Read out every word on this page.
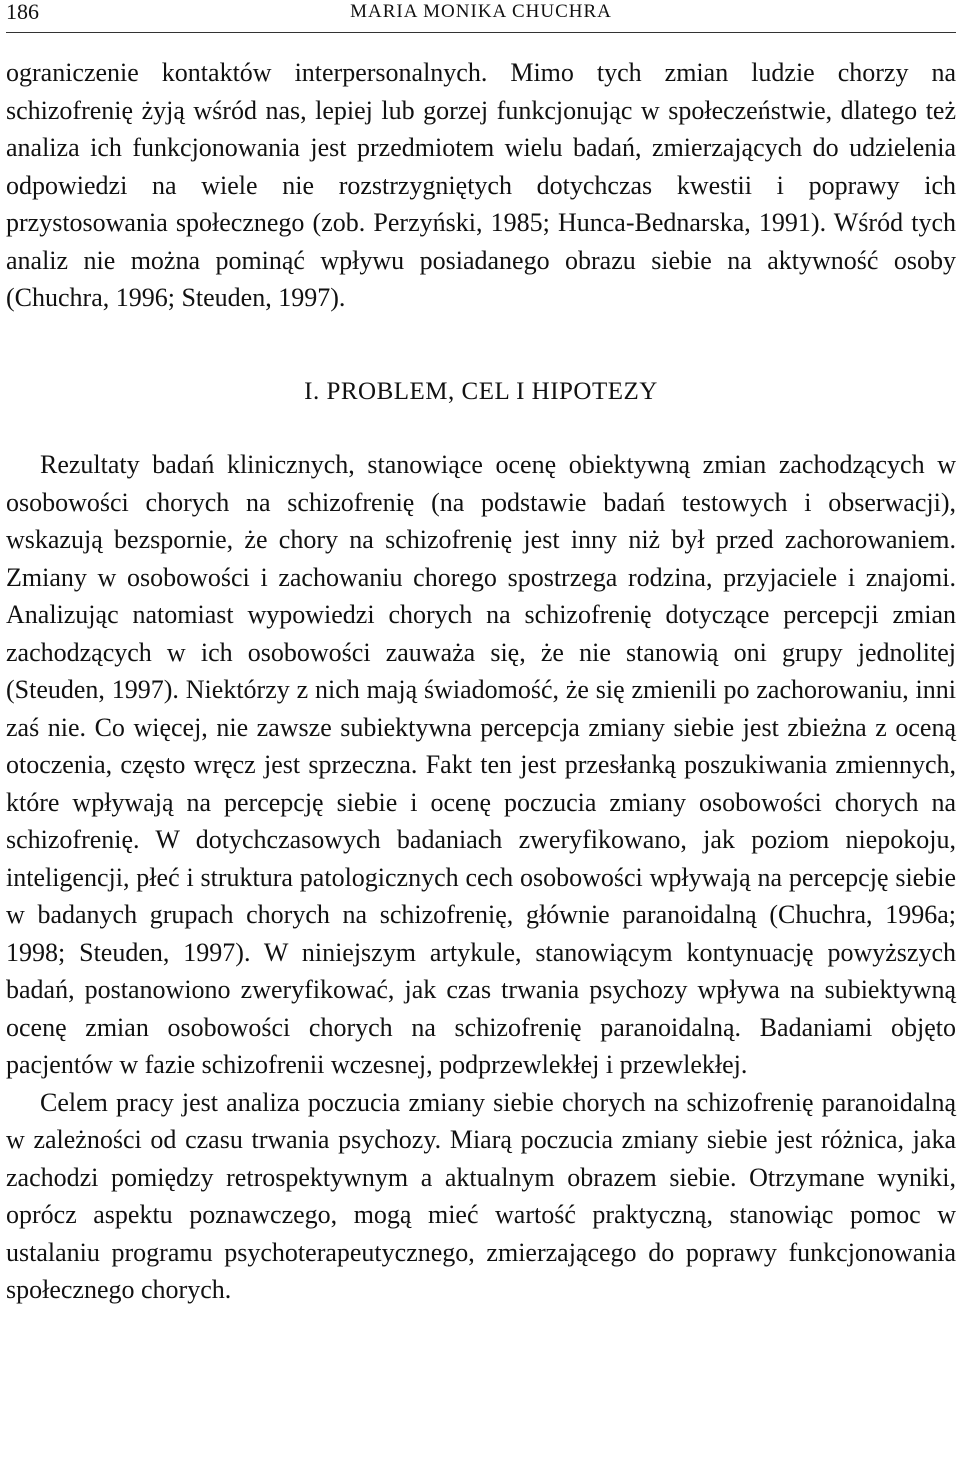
186	MARIA MONIKA CHUCHRA

ograniczenie kontaktów interpersonalnych. Mimo tych zmian ludzie chorzy na schizofrenię żyją wśród nas, lepiej lub gorzej funkcjonując w społeczeństwie, dlatego też analiza ich funkcjonowania jest przedmiotem wielu badań, zmierzających do udzielenia odpowiedzi na wiele nie rozstrzygniętych dotychczas kwestii i poprawy ich przystosowania społecznego (zob. Perzyński, 1985; Hunca-Bednarska, 1991). Wśród tych analiz nie można pominąć wpływu posiadanego obrazu siebie na aktywność osoby (Chuchra, 1996; Steuden, 1997).

I. PROBLEM, CEL I HIPOTEZY

Rezultaty badań klinicznych, stanowiące ocenę obiektywną zmian zachodzących w osobowości chorych na schizofrenię (na podstawie badań testowych i obserwacji), wskazują bezspornie, że chory na schizofrenię jest inny niż był przed zachorowaniem. Zmiany w osobowości i zachowaniu chorego spostrzega rodzina, przyjaciele i znajomi. Analizując natomiast wypowiedzi chorych na schizofrenię dotyczące percepcji zmian zachodzących w ich osobowości zauważa się, że nie stanowią oni grupy jednolitej (Steuden, 1997). Niektórzy z nich mają świadomość, że się zmienili po zachorowaniu, inni zaś nie. Co więcej, nie zawsze subiektywna percepcja zmiany siebie jest zbieżna z oceną otoczenia, często wręcz jest sprzeczna. Fakt ten jest przesłanką poszukiwania zmiennych, które wpływają na percepcję siebie i ocenę poczucia zmiany osobowości chorych na schizofrenię. W dotychczasowych badaniach zweryfikowano, jak poziom niepokoju, inteligencji, płeć i struktura patologicznych cech osobowości wpływają na percepcję siebie w badanych grupach chorych na schizofrenię, głównie paranoidalną (Chuchra, 1996a; 1998; Steuden, 1997). W niniejszym artykule, stanowiącym kontynuację powyższych badań, postanowiono zweryfikować, jak czas trwania psychozy wpływa na subiektywną ocenę zmian osobowości chorych na schizofrenię paranoidalną. Badaniami objęto pacjentów w fazie schizofrenii wczesnej, podprzewlekłej i przewlekłej.

Celem pracy jest analiza poczucia zmiany siebie chorych na schizofrenię paranoidalną w zależności od czasu trwania psychozy. Miarą poczucia zmiany siebie jest różnica, jaka zachodzi pomiędzy retrospektywnym a aktualnym obrazem siebie. Otrzymane wyniki, oprócz aspektu poznawczego, mogą mieć wartość praktyczną, stanowiąc pomoc w ustalaniu programu psychoterapeutycznego, zmierzającego do poprawy funkcjonowania społecznego chorych.
